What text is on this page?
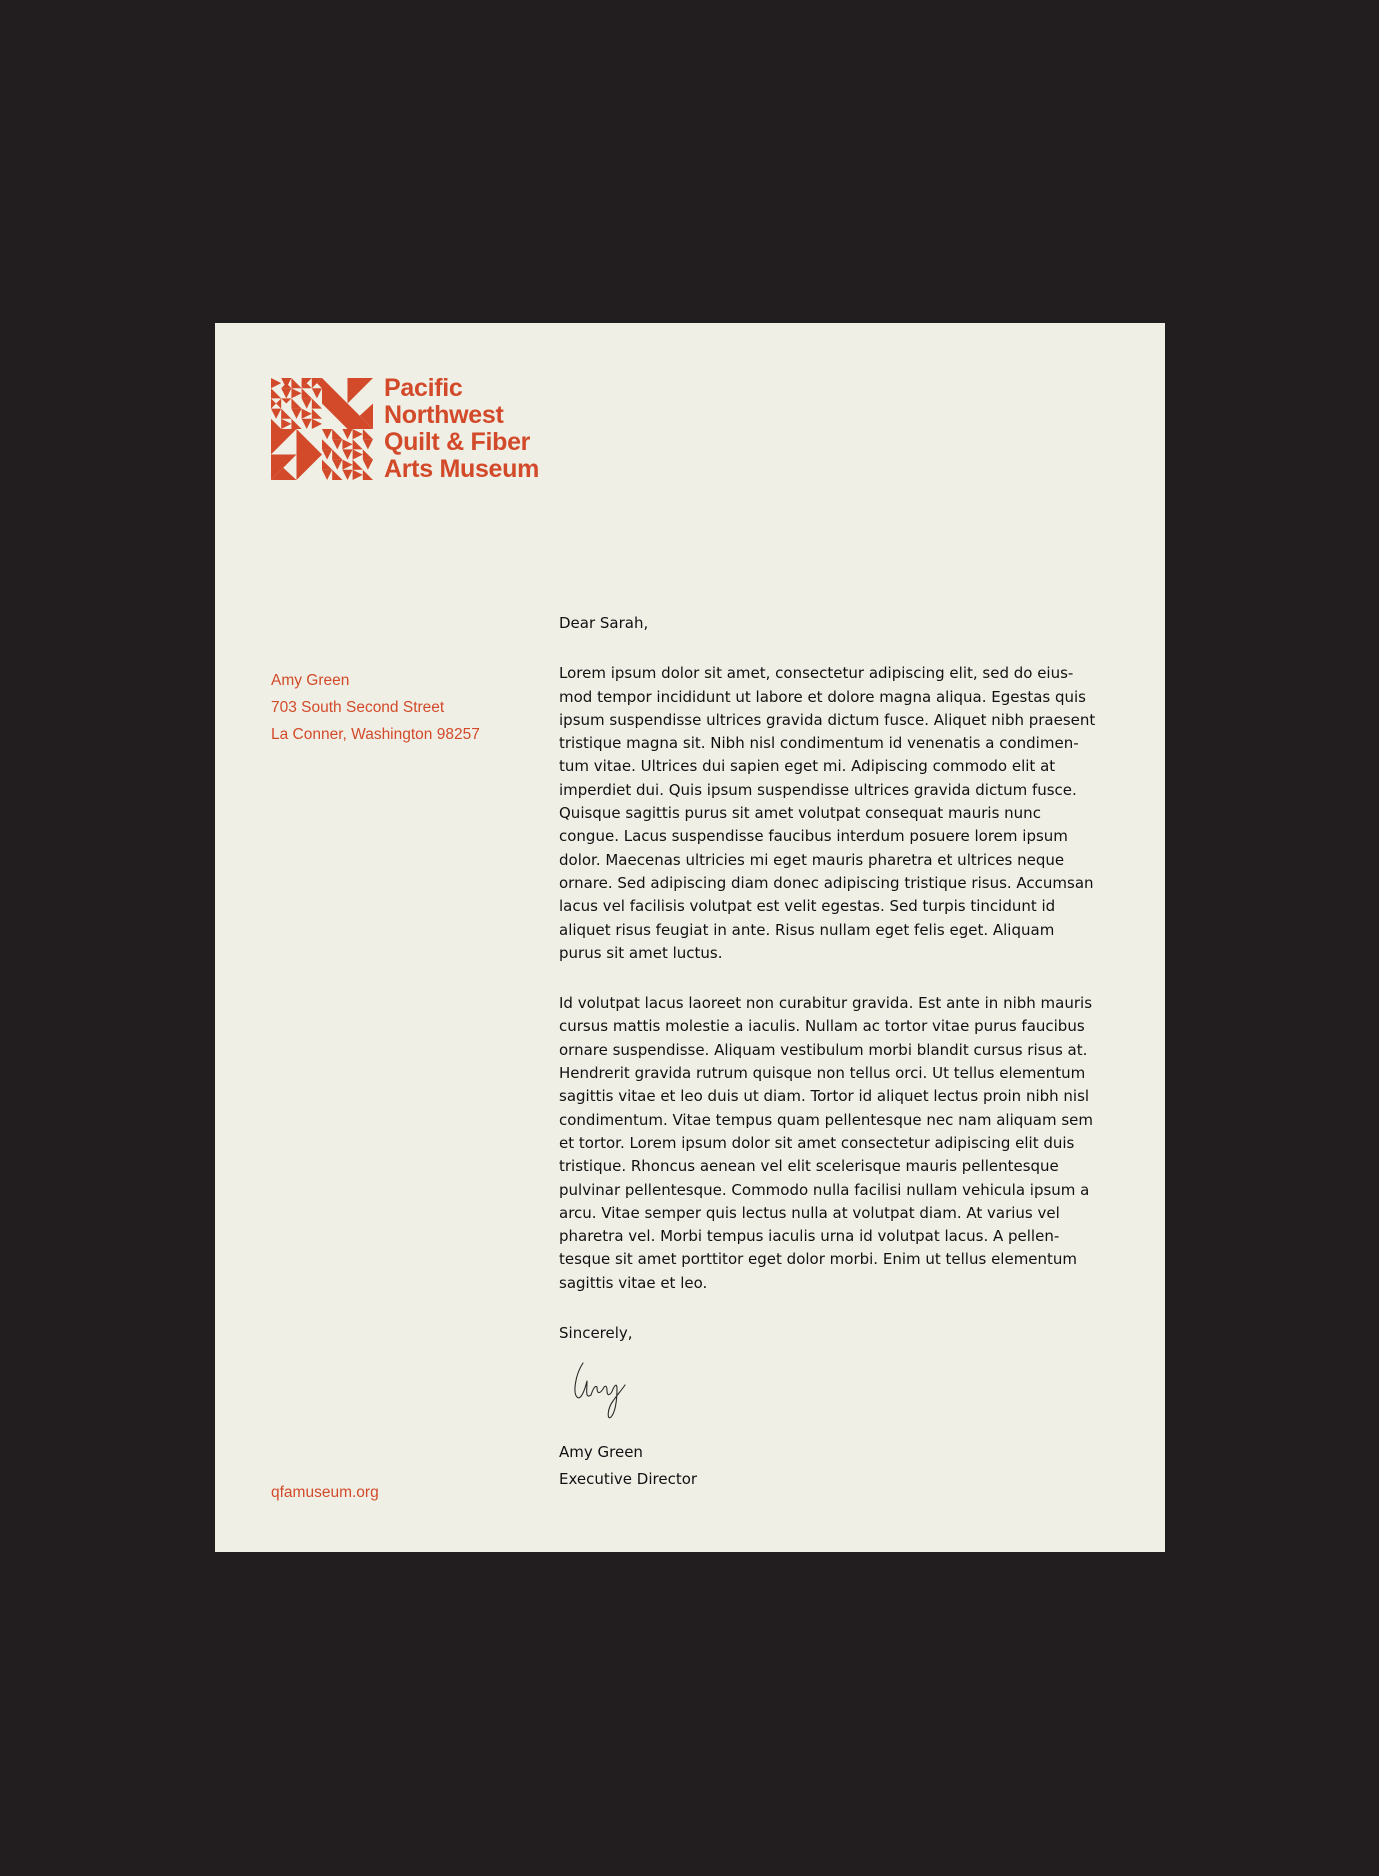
Pacific
Northwest
Quilt & Fiber
Arts Museum
Amy Green
703 South Second Street
La Conner, Washington 98257
qfamuseum.org

Dear Sarah,

Lorem ipsum dolor sit amet, consectetur adipiscing elit, sed do eiusmod tempor incididunt ut labore et dolore magna aliqua. Egestas quis ipsum suspendisse ultrices gravida dictum fusce. Aliquet nibh praesent tristique magna sit. Nibh nisl condimentum id venenatis a condimentum vitae. Ultrices dui sapien eget mi. Adipiscing commodo elit at imperdiet dui. Quis ipsum suspendisse ultrices gravida dictum fusce. Quisque sagittis purus sit amet volutpat consequat mauris nunc congue. Lacus suspendisse faucibus interdum posuere lorem ipsum dolor. Maecenas ultricies mi eget mauris pharetra et ultrices neque ornare. Sed adipiscing diam donec adipiscing tristique risus. Accumsan lacus vel facilisis volutpat est velit egestas. Sed turpis tincidunt id aliquet risus feugiat in ante. Risus nullam eget felis eget. Aliquam purus sit amet luctus.

Id volutpat lacus laoreet non curabitur gravida. Est ante in nibh mauris cursus mattis molestie a iaculis. Nullam ac tortor vitae purus faucibus ornare suspendisse. Aliquam vestibulum morbi blandit cursus risus at. Hendrerit gravida rutrum quisque non tellus orci. Ut tellus elementum sagittis vitae et leo duis ut diam. Tortor id aliquet lectus proin nibh nisl condimentum. Vitae tempus quam pellentesque nec nam aliquam sem et tortor. Lorem ipsum dolor sit amet consectetur adipiscing elit duis tristique. Rhoncus aenean vel elit scelerisque mauris pellentesque pulvinar pellentesque. Commodo nulla facilisi nullam vehicula ipsum a arcu. Vitae semper quis lectus nulla at volutpat diam. At varius vel pharetra vel. Morbi tempus iaculis urna id volutpat lacus. A pellentesque sit amet porttitor eget dolor morbi. Enim ut tellus elementum sagittis vitae et leo.

Sincerely,

Amy Green
Executive Director
